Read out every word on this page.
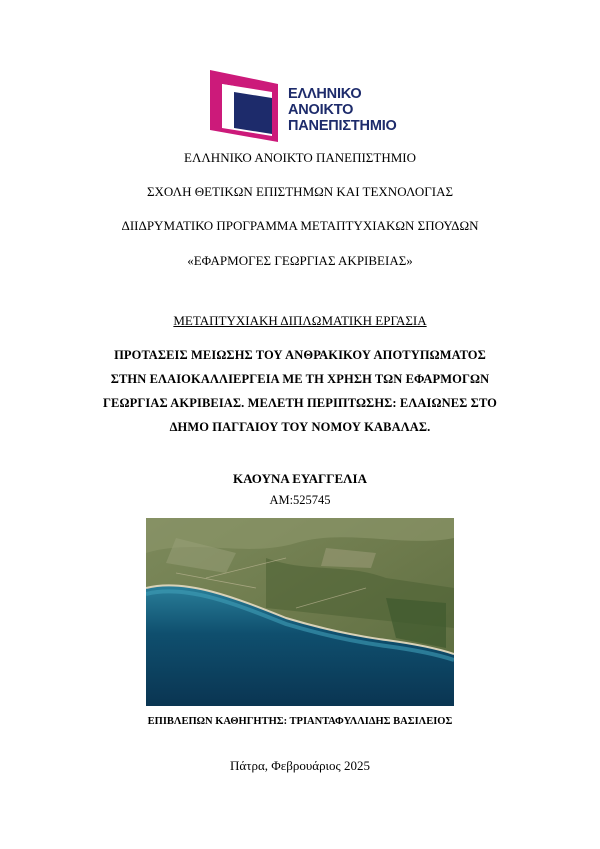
ΕΛΛΗΝΙΚΟ
ΑΝΟΙΚΤΟ
ΠΑΝΕΠΙΣΤΗΜΙΟ
ΕΛΛΗΝΙΚΟ ΑΝΟΙΚΤΟ ΠΑΝΕΠΙΣΤΗΜΙΟ
ΣΧΟΛΗ ΘΕΤΙΚΩΝ ΕΠΙΣΤΗΜΩΝ ΚΑΙ ΤΕΧΝΟΛΟΓΙΑΣ
ΔΙΙΔΡΥΜΑΤΙΚΟ ΠΡΟΓΡΑΜΜΑ ΜΕΤΑΠΤΥΧΙΑΚΩΝ ΣΠΟΥΔΩΝ
«ΕΦΑΡΜΟΓΕΣ ΓΕΩΡΓΙΑΣ ΑΚΡΙΒΕΙΑΣ»
ΜΕΤΑΠΤΥΧΙΑΚΗ ΔΙΠΛΩΜΑΤΙΚΗ ΕΡΓΑΣΙΑ
ΠΡΟΤΑΣΕΙΣ ΜΕΙΩΣΗΣ ΤΟΥ ΑΝΘΡΑΚΙΚΟΥ ΑΠΟΤΥΠΩΜΑΤΟΣ
ΣΤΗΝ ΕΛΑΙΟΚΑΛΛΙΕΡΓΕΙΑ ΜΕ ΤΗ ΧΡΗΣΗ ΤΩΝ ΕΦΑΡΜΟΓΩΝ
ΓΕΩΡΓΙΑΣ ΑΚΡΙΒΕΙΑΣ. ΜΕΛΕΤΗ ΠΕΡΙΠΤΩΣΗΣ: ΕΛΑΙΩΝΕΣ ΣΤΟ
ΔΗΜΟ ΠΑΓΓΑΙΟΥ ΤΟΥ ΝΟΜΟΥ ΚΑΒΑΛΑΣ.
ΚΑΟΥΝΑ ΕΥΑΓΓΕΛΙΑ
ΑΜ:525745
ΕΠΙΒΛΕΠΩΝ ΚΑΘΗΓΗΤΗΣ: ΤΡΙΑΝΤΑΦΥΛΛΙΔΗΣ ΒΑΣΙΛΕΙΟΣ
Πάτρα, Φεβρουάριος 2025
